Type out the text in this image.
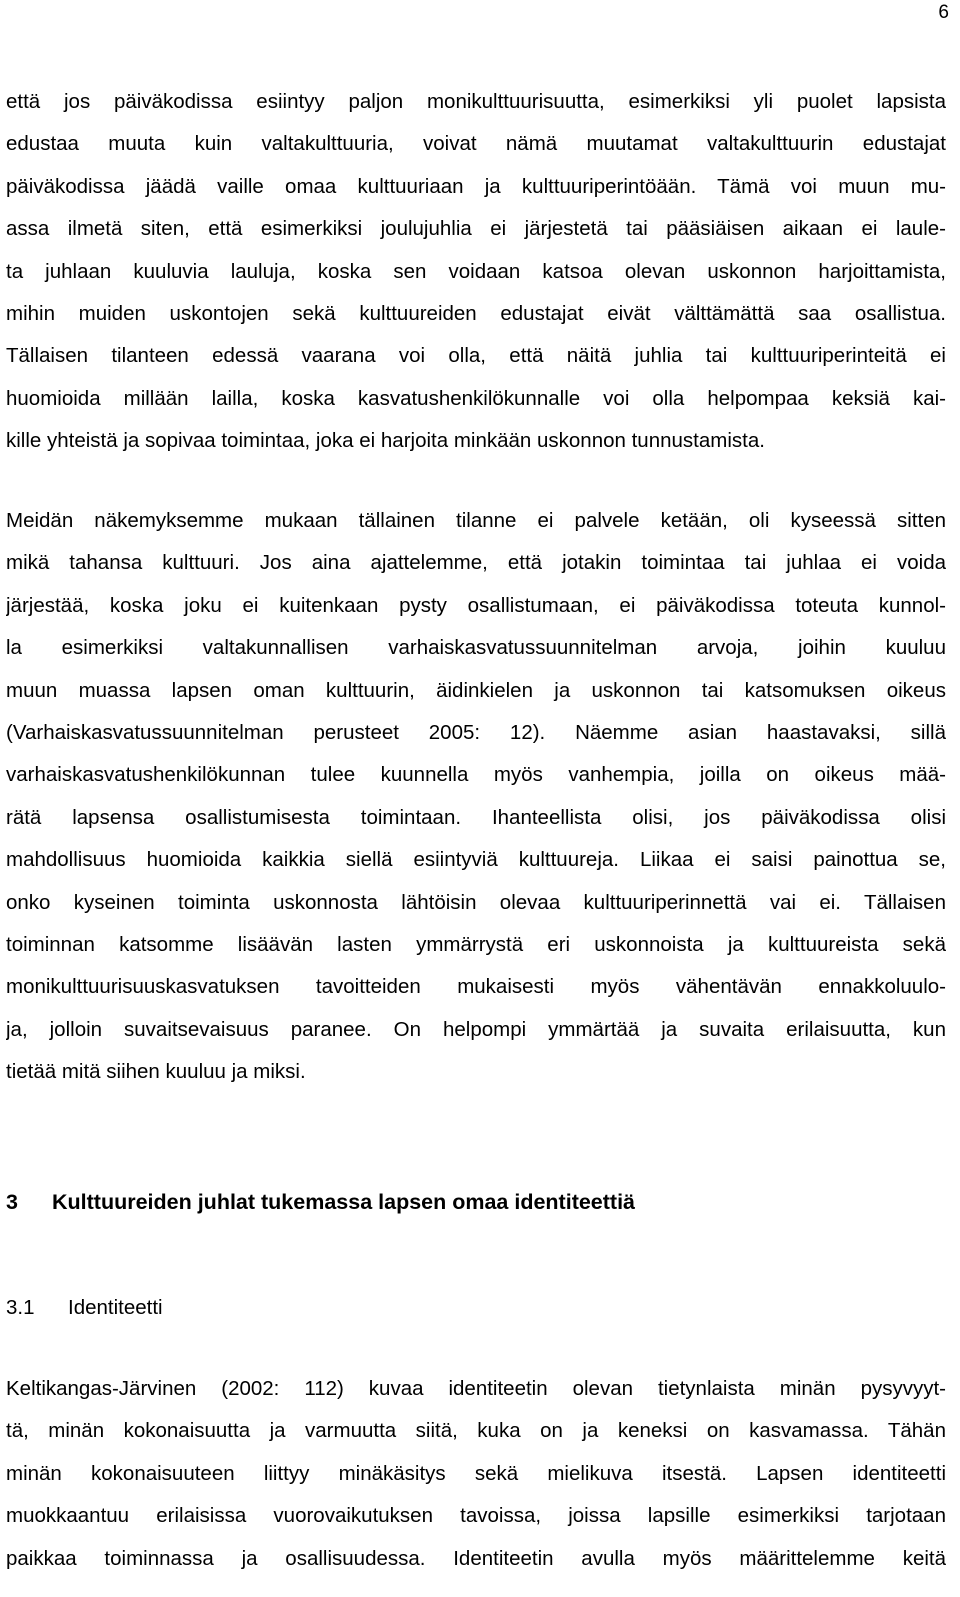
6
että jos päiväkodissa esiintyy paljon monikulttuurisuutta, esimerkiksi yli puolet lapsista
edustaa muuta kuin valtakulttuuria, voivat nämä muutamat valtakulttuurin edustajat
päiväkodissa jäädä vaille omaa kulttuuriaan ja kulttuuriperintöään. Tämä voi muun mu-
assa ilmetä siten, että esimerkiksi joulujuhlia ei järjestetä tai pääsiäisen aikaan ei laule-
ta juhlaan kuuluvia lauluja, koska sen voidaan katsoa olevan uskonnon harjoittamista,
mihin muiden uskontojen sekä kulttuureiden edustajat eivät välttämättä saa osallistua.
Tällaisen tilanteen edessä vaarana voi olla, että näitä juhlia tai kulttuuriperinteitä ei
huomioida millään lailla, koska kasvatushenkilökunnalle voi olla helpompaa keksiä kai-
kille yhteistä ja sopivaa toimintaa, joka ei harjoita minkään uskonnon tunnustamista.
Meidän näkemyksemme mukaan tällainen tilanne ei palvele ketään, oli kyseessä sitten
mikä tahansa kulttuuri. Jos aina ajattelemme, että jotakin toimintaa tai juhlaa ei voida
järjestää, koska joku ei kuitenkaan pysty osallistumaan, ei päiväkodissa toteuta kunnol-
la esimerkiksi valtakunnallisen varhaiskasvatussuunnitelman arvoja, joihin kuuluu
muun muassa lapsen oman kulttuurin, äidinkielen ja uskonnon tai katsomuksen oikeus
(Varhaiskasvatussuunnitelman perusteet 2005: 12). Näemme asian haastavaksi, sillä
varhaiskasvatushenkilökunnan tulee kuunnella myös vanhempia, joilla on oikeus mää-
rätä lapsensa osallistumisesta toimintaan. Ihanteellista olisi, jos päiväkodissa olisi
mahdollisuus huomioida kaikkia siellä esiintyviä kulttuureja. Liikaa ei saisi painottua se,
onko kyseinen toiminta uskonnosta lähtöisin olevaa kulttuuriperinnettä vai ei. Tällaisen
toiminnan katsomme lisäävän lasten ymmärrystä eri uskonnoista ja kulttuureista sekä
monikulttuurisuuskasvatuksen tavoitteiden mukaisesti myös vähentävän ennakkoluulo-
ja, jolloin suvaitsevaisuus paranee. On helpompi ymmärtää ja suvaita erilaisuutta, kun
tietää mitä siihen kuuluu ja miksi.
3 Kulttuureiden juhlat tukemassa lapsen omaa identiteettiä
3.1 Identiteetti
Keltikangas-Järvinen (2002: 112) kuvaa identiteetin olevan tietynlaista minän pysyvyyt-
tä, minän kokonaisuutta ja varmuutta siitä, kuka on ja keneksi on kasvamassa. Tähän
minän kokonaisuuteen liittyy minäkäsitys sekä mielikuva itsestä. Lapsen identiteetti
muokkaantuu erilaisissa vuorovaikutuksen tavoissa, joissa lapsille esimerkiksi tarjotaan
paikkaa toiminnassa ja osallisuudessa. Identiteetin avulla myös määrittelemme keitä
